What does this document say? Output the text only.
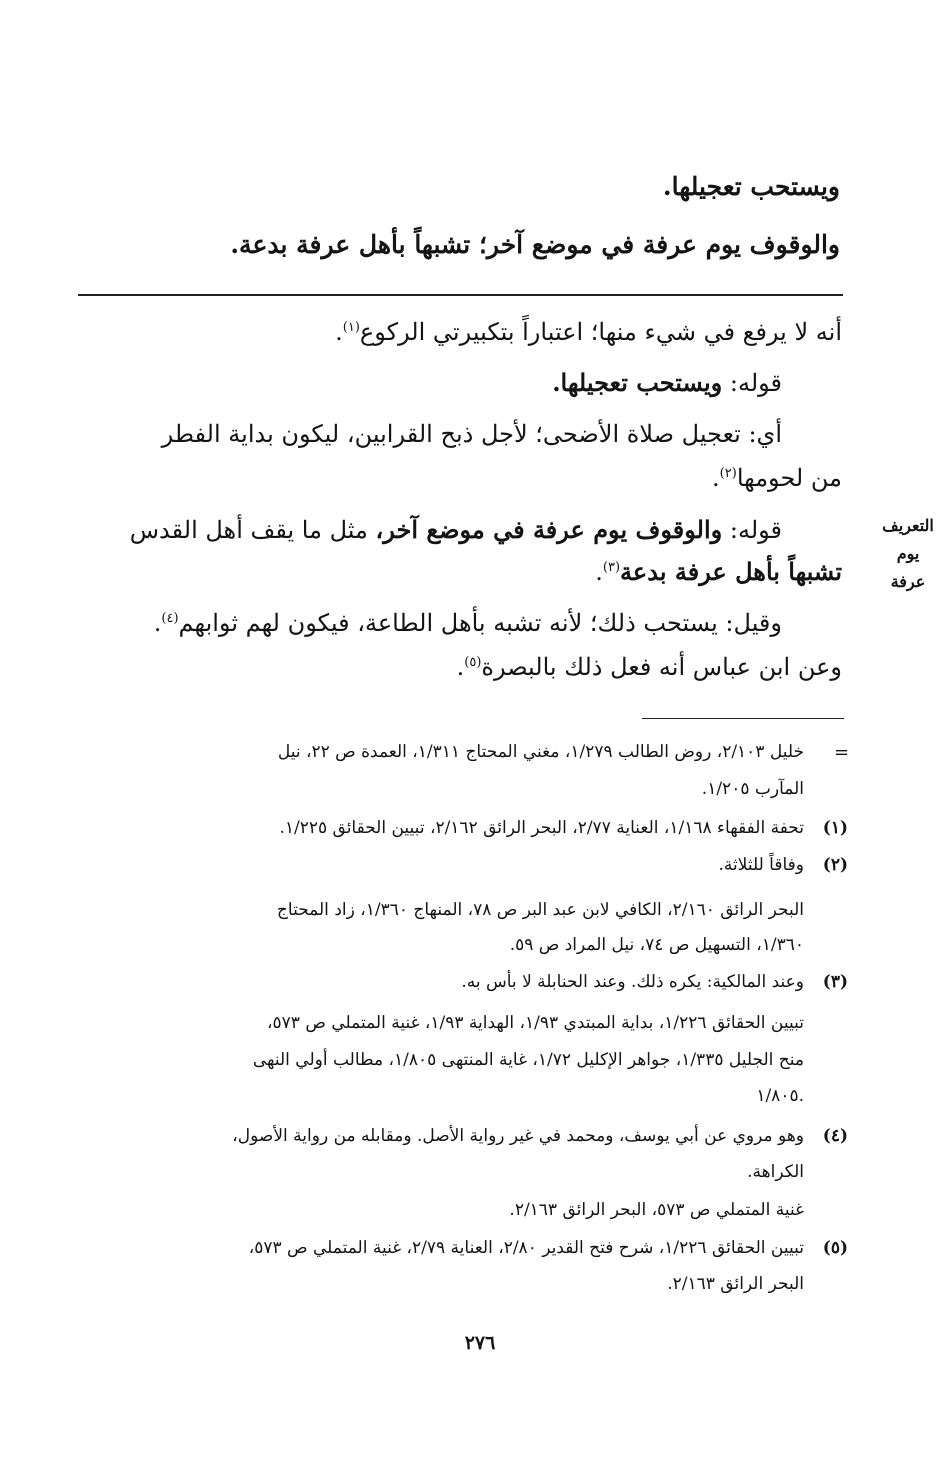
ويستحب تعجيلها.
والوقوف يوم عرفة في موضع آخر؛ تشبهاً بأهل عرفة بدعة.
أنه لا يرفع في شيء منها؛ اعتباراً بتكبيرتي الركوع$^{(١)}$.
قوله: ويستحب تعجيلها.
أي: تعجيل صلاة الأضحى؛ لأجل ذبح القرابين، ليكون بداية الفطر
من لحومها$^{(٢)}$.
قوله: والوقوف يوم عرفة في موضع آخر، مثل ما يقف أهل القدس
تشبهاً بأهل عرفة بدعة$^{(٣)}$.
وقيل: يستحب ذلك؛ لأنه تشبه بأهل الطاعة، فيكون لهم ثوابهم$^{(٤)}$.
وعن ابن عباس أنه فعل ذلك بالبصرة$^{(٥)}$.
التعريف
يوم
عرفة
=
خليل ٢/١٠٣، روض الطالب ١/٢٧٩، مغني المحتاج ١/٣١١، العمدة ص ٢٢، نيل
المآرب ١/٢٠٥.
(١)
تحفة الفقهاء ١/١٦٨، العناية ٢/٧٧، البحر الرائق ٢/١٦٢، تبيين الحقائق ١/٢٢٥.
(٢)
وفاقاً للثلاثة.
البحر الرائق ٢/١٦٠، الكافي لابن عبد البر ص ٧٨، المنهاج ١/٣٦٠، زاد المحتاج
١/٣٦٠، التسهيل ص ٧٤، نيل المراد ص ٥٩.
(٣)
وعند المالكية: يكره ذلك. وعند الحنابلة لا بأس به.
تبيين الحقائق ١/٢٢٦، بداية المبتدي ١/٩٣، الهداية ١/٩٣، غنية المتملي ص ٥٧٣،
منح الجليل ١/٣٣٥، جواهر الإكليل ١/٧٢، غاية المنتهى ١/٨٠٥، مطالب أولي النهى
١/٨٠٥.
(٤)
وهو مروي عن أبي يوسف، ومحمد في غير رواية الأصل. ومقابله من رواية الأصول،
الكراهة.
غنية المتملي ص ٥٧٣، البحر الرائق ٢/١٦٣.
(٥)
تبيين الحقائق ١/٢٢٦، شرح فتح القدير ٢/٨٠، العناية ٢/٧٩، غنية المتملي ص ٥٧٣،
البحر الرائق ٢/١٦٣.
٢٧٦
